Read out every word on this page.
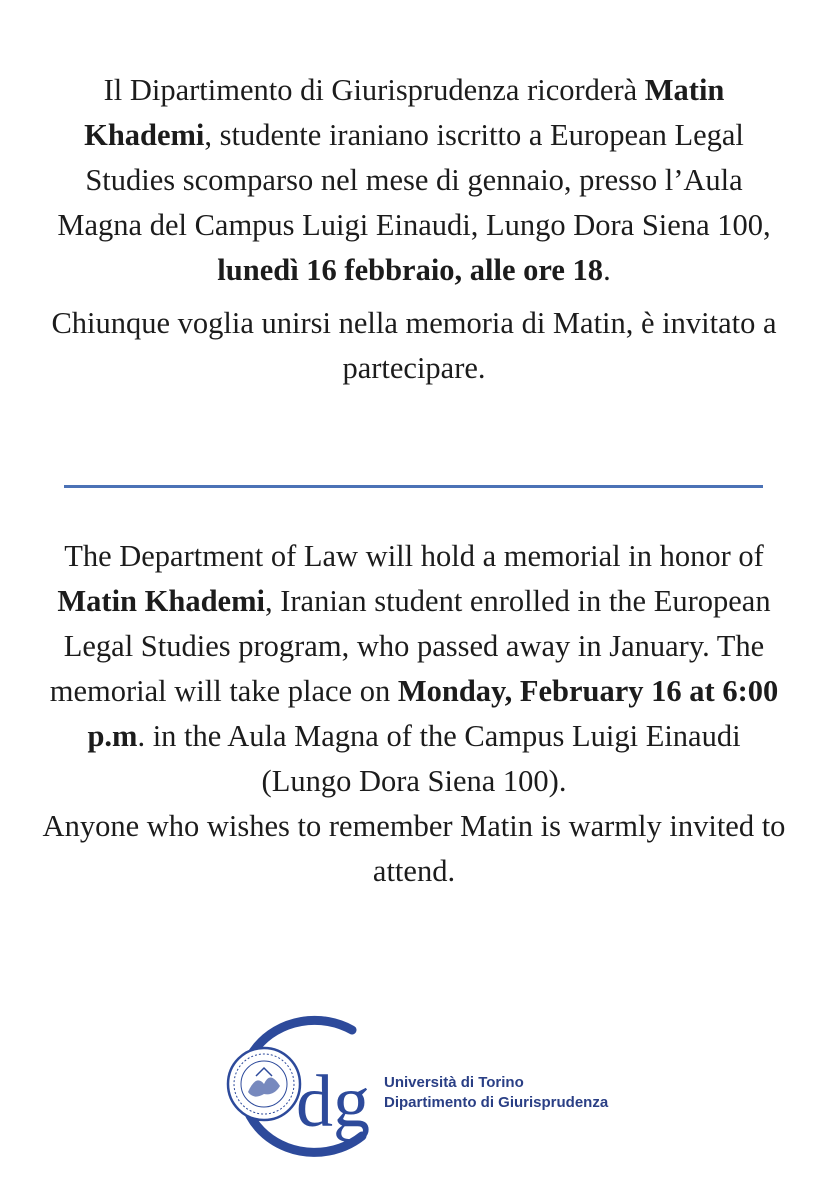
Il Dipartimento di Giurisprudenza ricorderà Matin Khademi, studente iraniano iscritto a European Legal Studies scomparso nel mese di gennaio, presso l’Aula Magna del Campus Luigi Einaudi, Lungo Dora Siena 100, lunedì 16 febbraio, alle ore 18.

Chiunque voglia unirsi nella memoria di Matin, è invitato a partecipare.

The Department of Law will hold a memorial in honor of Matin Khademi, Iranian student enrolled in the European Legal Studies program, who passed away in January. The memorial will take place on Monday, February 16 at 6:00 p.m. in the Aula Magna of the Campus Luigi Einaudi (Lungo Dora Siena 100).

Anyone who wishes to remember Matin is warmly invited to attend.

dg Università di Torino
Dipartimento di Giurisprudenza
